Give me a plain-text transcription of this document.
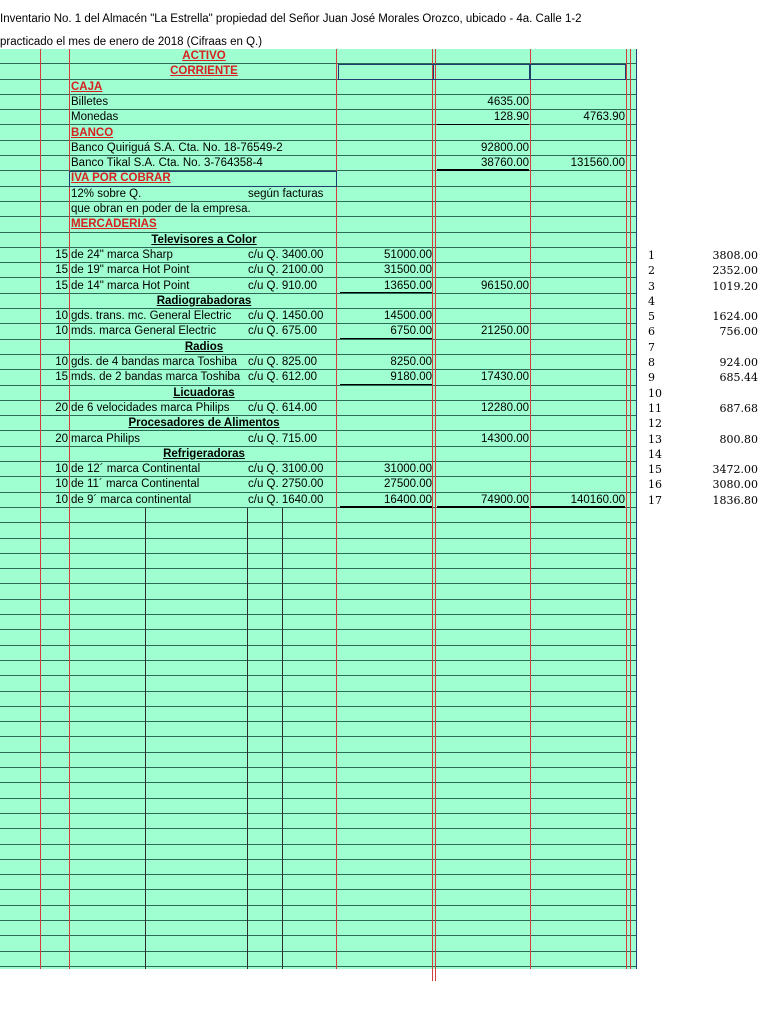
Inventario No. 1 del Almacén "La Estrella" propiedad del Señor Juan José Morales Orozco, ubicado - 4a. Calle 1-2
practicado el mes de enero de 2018 (Cifraas en Q.)
ACTIVO
CORRIENTE
CAJA
Billetes	4635.00
Monedas	128.90	4763.90
BANCO
Banco Quiriguá S.A. Cta. No. 18-76549-2	92800.00
Banco Tikal S.A. Cta. No. 3-764358-4	38760.00	131560.00
IVA POR COBRAR
12% sobre Q.	según facturas
que obran en poder de la empresa.
MERCADERIAS
Televisores a Color
15 de 24" marca Sharp	c/u Q. 3400.00	51000.00
15 de 19" marca Hot Point	c/u Q. 2100.00	31500.00
15 de 14" marca Hot Point	c/u Q. 910.00	13650.00	96150.00
Radiograbadoras
10 gds. trans. mc. General Electric	c/u Q. 1450.00	14500.00
10 mds. marca General Electric	c/u Q. 675.00	6750.00	21250.00
Radios
10 gds. de 4 bandas marca Toshiba c/u Q. 825.00	8250.00
15 mds. de 2 bandas marca Toshiba c/u Q. 612.00	9180.00	17430.00
Licuadoras
20 de 6 velocidades marca Philips	c/u Q. 614.00	12280.00
Procesadores de Alimentos
20 marca Philips	c/u Q. 715.00	14300.00
Refrigeradoras
10 de 12´ marca Continental	c/u Q. 3100.00	31000.00
10 de 11´ marca Continental	c/u Q. 2750.00	27500.00
10 de 9´ marca continental	c/u Q. 1640.00	16400.00	74900.00	140160.00
1	3808.00
2	2352.00
3	1019.20
4
5	1624.00
6	756.00
7
8	924.00
9	685.44
10
11	687.68
12
13	800.80
14
15	3472.00
16	3080.00
17	1836.80
